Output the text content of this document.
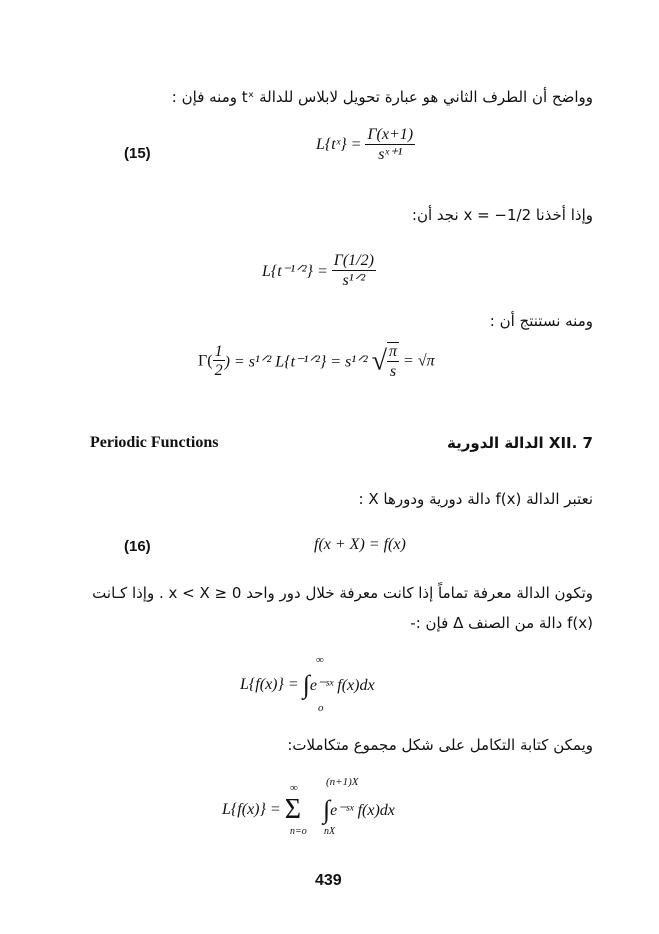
وواضح أن الطرف الثاني هو عبارة تحويل لابلاس للدالة tˣ ومنه فإن :
(15)
L{tˣ} = $\frac{\Gamma(x+1)}{\text{sˣ⁺¹}}$
وإذا أخذنا x = −1/2 نجد أن:
L{t⁻¹ᐟ²} = $\frac{\Gamma(1/2)}{\text{s¹ᐟ²}}$
ومنه نستنتج أن :
$\Gamma( \frac{1}{2}$ ) = s¹ᐟ² L{t⁻¹ᐟ²} = s¹ᐟ² √ $\frac{\pi}{s} = √\pi$
Periodic Functions	XII. 7 الدالة الدورية
نعتبر الدالة f(x) دالة دورية ودورها X :
(16)	f(x + X) = f(x)
وتكون الدالة معرفة تماماً إذا كانت معرفة خلال دور واحد 0 ≤ x < X . وإذا كـانت
f(x) دالة من الصنف Δ فإن :-
∞
L{f(x)} = ∫e⁻ˢˣ f(x)dx
o
ويمكن كتابة التكامل على شكل مجموع متكاملات:
∞	(n+1)X
L{f(x)} = Σ ∫e⁻ˢˣ f(x)dx
n=o nX
439
